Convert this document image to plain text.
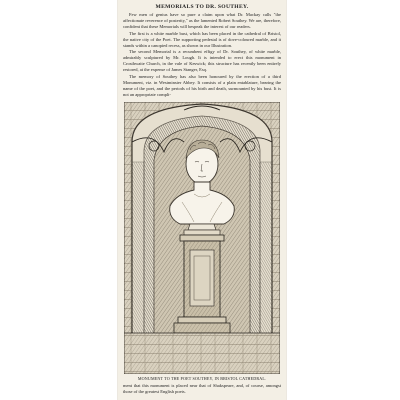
MEMORIALS TO DR. SOUTHEY.

Few men of genius have so pure a claim upon what Dr. Mackay calls "the affectionate reverence of posterity," as the lamented Robert Southey. We are, therefore, confident that these Memorials will bespeak the interest of our readers.

The first is a white marble bust, which has been placed in the cathedral of Bristol, the native city of the Poet. The supporting pedestal is of dove-coloured marble, and it stands within a canopied recess, as shown in our Illustration.

The second Memorial is a recumbent effigy of Dr. Southey, of white marble, admirably sculptured by Mr. Lough. It is intended to erect this monument in Crosthwaite Church, in the vale of Keswick; this structure has recently been entirely restored, at the expense of James Stanger, Esq.

The memory of Southey has also been honoured by the erection of a third Monument, viz. in Westminster Abbey. It consists of a plain entablature, bearing the name of the poet, and the periods of his birth and death, surmounted by his bust. It is not an appropriate compli-

MONUMENT TO THE POET SOUTHEY, IN BRISTOL CATHEDRAL.

ment that this monument is placed near that of Shakspeare, and, of course, amongst those of the greatest English poets.
